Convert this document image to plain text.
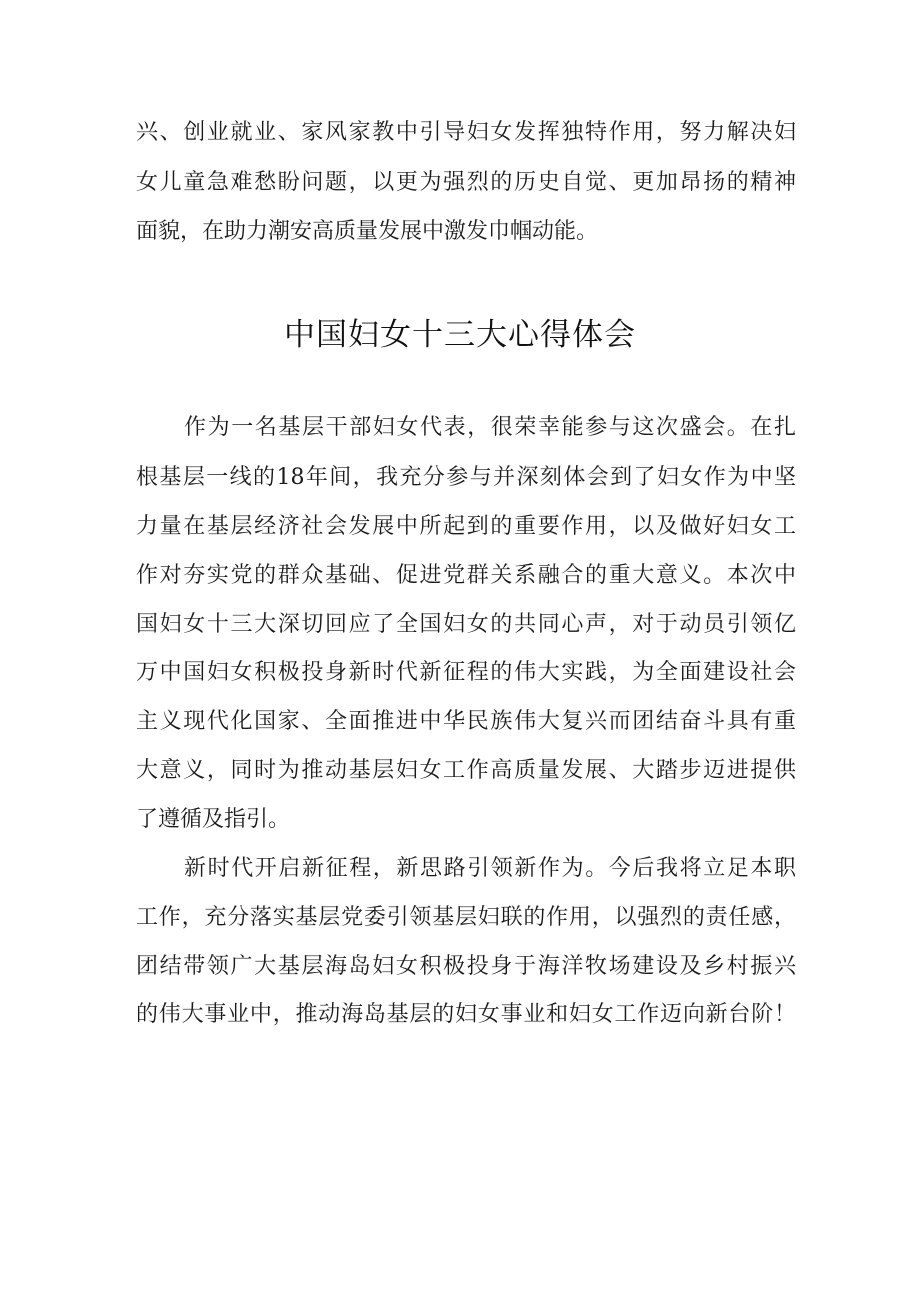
兴、创业就业、家风家教中引导妇女发挥独特作用，努力解决妇
女儿童急难愁盼问题，以更为强烈的历史自觉、更加昂扬的精神
面貌，在助力潮安高质量发展中激发巾帼动能。
中国妇女十三大心得体会
作为一名基层干部妇女代表，很荣幸能参与这次盛会。在扎
根基层一线的18年间，我充分参与并深刻体会到了妇女作为中坚
力量在基层经济社会发展中所起到的重要作用，以及做好妇女工
作对夯实党的群众基础、促进党群关系融合的重大意义。本次中
国妇女十三大深切回应了全国妇女的共同心声，对于动员引领亿
万中国妇女积极投身新时代新征程的伟大实践，为全面建设社会
主义现代化国家、全面推进中华民族伟大复兴而团结奋斗具有重
大意义，同时为推动基层妇女工作高质量发展、大踏步迈进提供
了遵循及指引。
新时代开启新征程，新思路引领新作为。今后我将立足本职
工作，充分落实基层党委引领基层妇联的作用，以强烈的责任感，
团结带领广大基层海岛妇女积极投身于海洋牧场建设及乡村振兴
的伟大事业中，推动海岛基层的妇女事业和妇女工作迈向新台阶！
